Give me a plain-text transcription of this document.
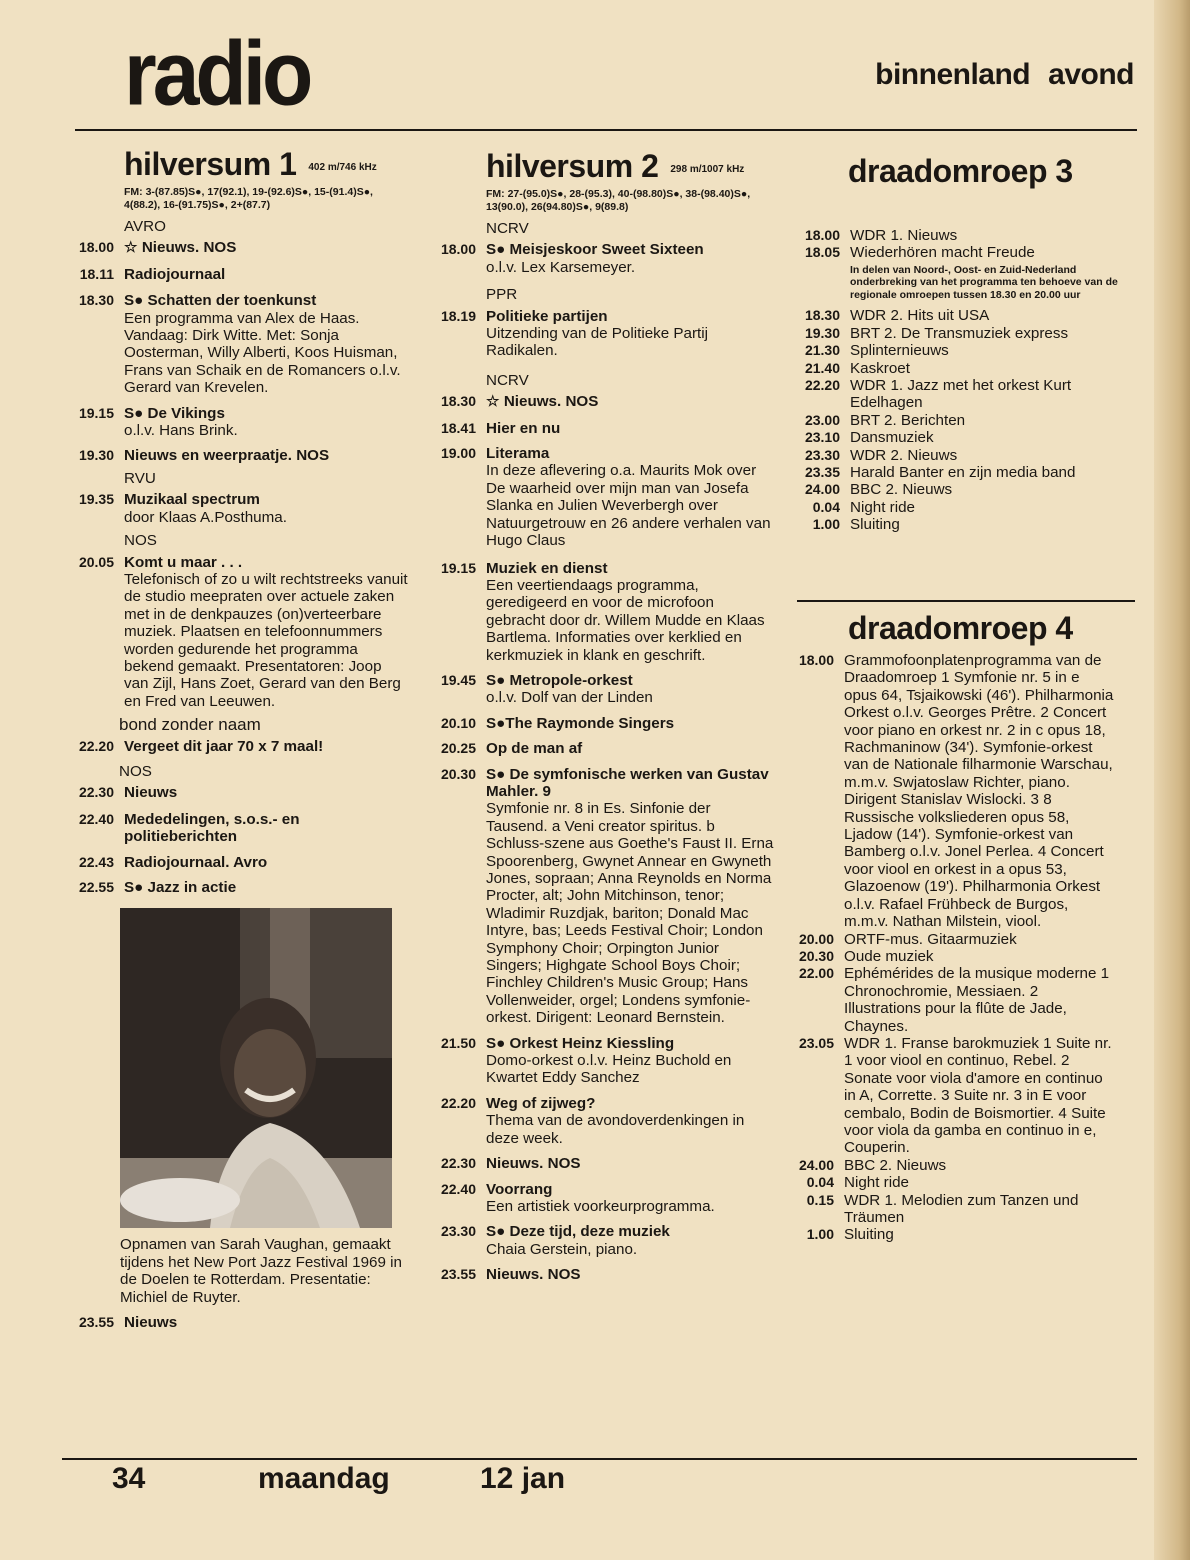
radio	binnenland avond
hilversum 1 $^{402 m/746 kHz}$
FM: 3-(87.85)S●, 17(92.1), 19-(92.6)S●, 15-(91.4)S●, 4(88.2), 16-(91.75)S●, 2+(87.7)
AVRO
18.00 ☆ Nieuws. NOS
18.11 Radiojournaal
18.30 S● Schatten der toenkunst
Een programma van Alex de Haas. Vandaag: Dirk Witte. Met: Sonja Oosterman, Willy Alberti, Koos Huisman, Frans van Schaik en de Romancers o.l.v. Gerard van Krevelen.
19.15 S● De Vikings
o.l.v. Hans Brink.
19.30 Nieuws en weerpraatje. NOS
RVU
19.35 Muzikaal spectrum
door Klaas A.Posthuma.
NOS
20.05 Komt u maar . . .
Telefonisch of zo u wilt rechtstreeks vanuit de studio meepraten over actuele zaken met in de denkpauzes (on)verteerbare muziek. Plaatsen en telefoonnummers worden gedurende het programma bekend gemaakt. Presentatoren: Joop van Zijl, Hans Zoet, Gerard van den Berg en Fred van Leeuwen.
bond zonder naam
22.20 Vergeet dit jaar 70 x 7 maal!
NOS
22.30 Nieuws
22.40 Mededelingen, s.o.s.- en politieberichten
22.43 Radiojournaal. Avro
22.55 S● Jazz in actie
Opnamen van Sarah Vaughan, gemaakt tijdens het New Port Jazz Festival 1969 in de Doelen te Rotterdam. Presentatie: Michiel de Ruyter.
23.55 Nieuws
hilversum 2 $^{298 m/1007 kHz}$
FM: 27-(95.0)S●, 28-(95.3), 40-(98.80)S●, 38-(98.40)S●, 13(90.0), 26(94.80)S●, 9(89.8)
NCRV
18.00 S● Meisjeskoor Sweet Sixteen
o.l.v. Lex Karsemeyer.
PPR
18.19 Politieke partijen
Uitzending van de Politieke Partij Radikalen.
NCRV
18.30 ☆ Nieuws. NOS
18.41 Hier en nu
19.00 Literama
In deze aflevering o.a. Maurits Mok over De waarheid over mijn man van Josefa Slanka en Julien Weverbergh over Natuurgetrouw en 26 andere verhalen van Hugo Claus
19.15 Muziek en dienst
Een veertiendaags programma, geredigeerd en voor de microfoon gebracht door dr. Willem Mudde en Klaas Bartlema. Informaties over kerklied en kerkmuziek in klank en geschrift.
19.45 S● Metropole-orkest
o.l.v. Dolf van der Linden
20.10 S●The Raymonde Singers
20.25 Op de man af
20.30 S● De symfonische werken van Gustav Mahler. 9
Symfonie nr. 8 in Es. Sinfonie der Tausend. a Veni creator spiritus. b Schluss-szene aus Goethe's Faust II. Erna Spoorenberg, Gwynet Annear en Gwyneth Jones, sopraan; Anna Reynolds en Norma Procter, alt; John Mitchinson, tenor; Wladimir Ruzdjak, bariton; Donald Mac Intyre, bas; Leeds Festival Choir; London Symphony Choir; Orpington Junior Singers; Highgate School Boys Choir; Finchley Children's Music Group; Hans Vollenweider, orgel; Londens symfonie-orkest. Dirigent: Leonard Bernstein.
21.50 S● Orkest Heinz Kiessling
Domo-orkest o.l.v. Heinz Buchold en Kwartet Eddy Sanchez
22.20 Weg of zijweg?
Thema van de avondoverdenkingen in deze week.
22.30 Nieuws. NOS
22.40 Voorrang
Een artistiek voorkeurprogramma.
23.30 S● Deze tijd, deze muziek
Chaia Gerstein, piano.
23.55 Nieuws. NOS
draadomroep 3
18.00 WDR 1. Nieuws
18.05 Wiederhören macht Freude
In delen van Noord-, Oost- en Zuid-Nederland onderbreking van het programma ten behoeve van de regionale omroepen tussen 18.30 en 20.00 uur
18.30 WDR 2. Hits uit USA
19.30 BRT 2. De Transmuziek express
21.30 Splinternieuws
21.40 Kaskroet
22.20 WDR 1. Jazz met het orkest Kurt Edelhagen
23.00 BRT 2. Berichten
23.10 Dansmuziek
23.30 WDR 2. Nieuws
23.35 Harald Banter en zijn media band
24.00 BBC 2. Nieuws
0.04 Night ride
1.00 Sluiting
draadomroep 4
18.00 Grammofoonplatenprogramma van de Draadomroep 1 Symfonie nr. 5 in e opus 64, Tsjaikowski (46'). Philharmonia Orkest o.l.v. Georges Prêtre. 2 Concert voor piano en orkest nr. 2 in c opus 18, Rachmaninow (34'). Symfonie-orkest van de Nationale filharmonie Warschau, m.m.v. Swjatoslaw Richter, piano. Dirigent Stanislav Wislocki. 3 8 Russische volksliederen opus 58, Ljadow (14'). Symfonie-orkest van Bamberg o.l.v. Jonel Perlea. 4 Concert voor viool en orkest in a opus 53, Glazoenow (19'). Philharmonia Orkest o.l.v. Rafael Frühbeck de Burgos, m.m.v. Nathan Milstein, viool.
20.00 ORTF-mus. Gitaarmuziek
20.30 Oude muziek
22.00 Ephémérides de la musique moderne 1 Chronochromie, Messiaen. 2 Illustrations pour la flûte de Jade, Chaynes.
23.05 WDR 1. Franse barokmuziek 1 Suite nr. 1 voor viool en continuo, Rebel. 2 Sonate voor viola d'amore en continuo in A, Corrette. 3 Suite nr. 3 in E voor cembalo, Bodin de Boismortier. 4 Suite voor viola da gamba en continuo in e, Couperin.
24.00 BBC 2. Nieuws
0.04 Night ride
0.15 WDR 1. Melodien zum Tanzen und Träumen
1.00 Sluiting
34	maandag	12 jan
